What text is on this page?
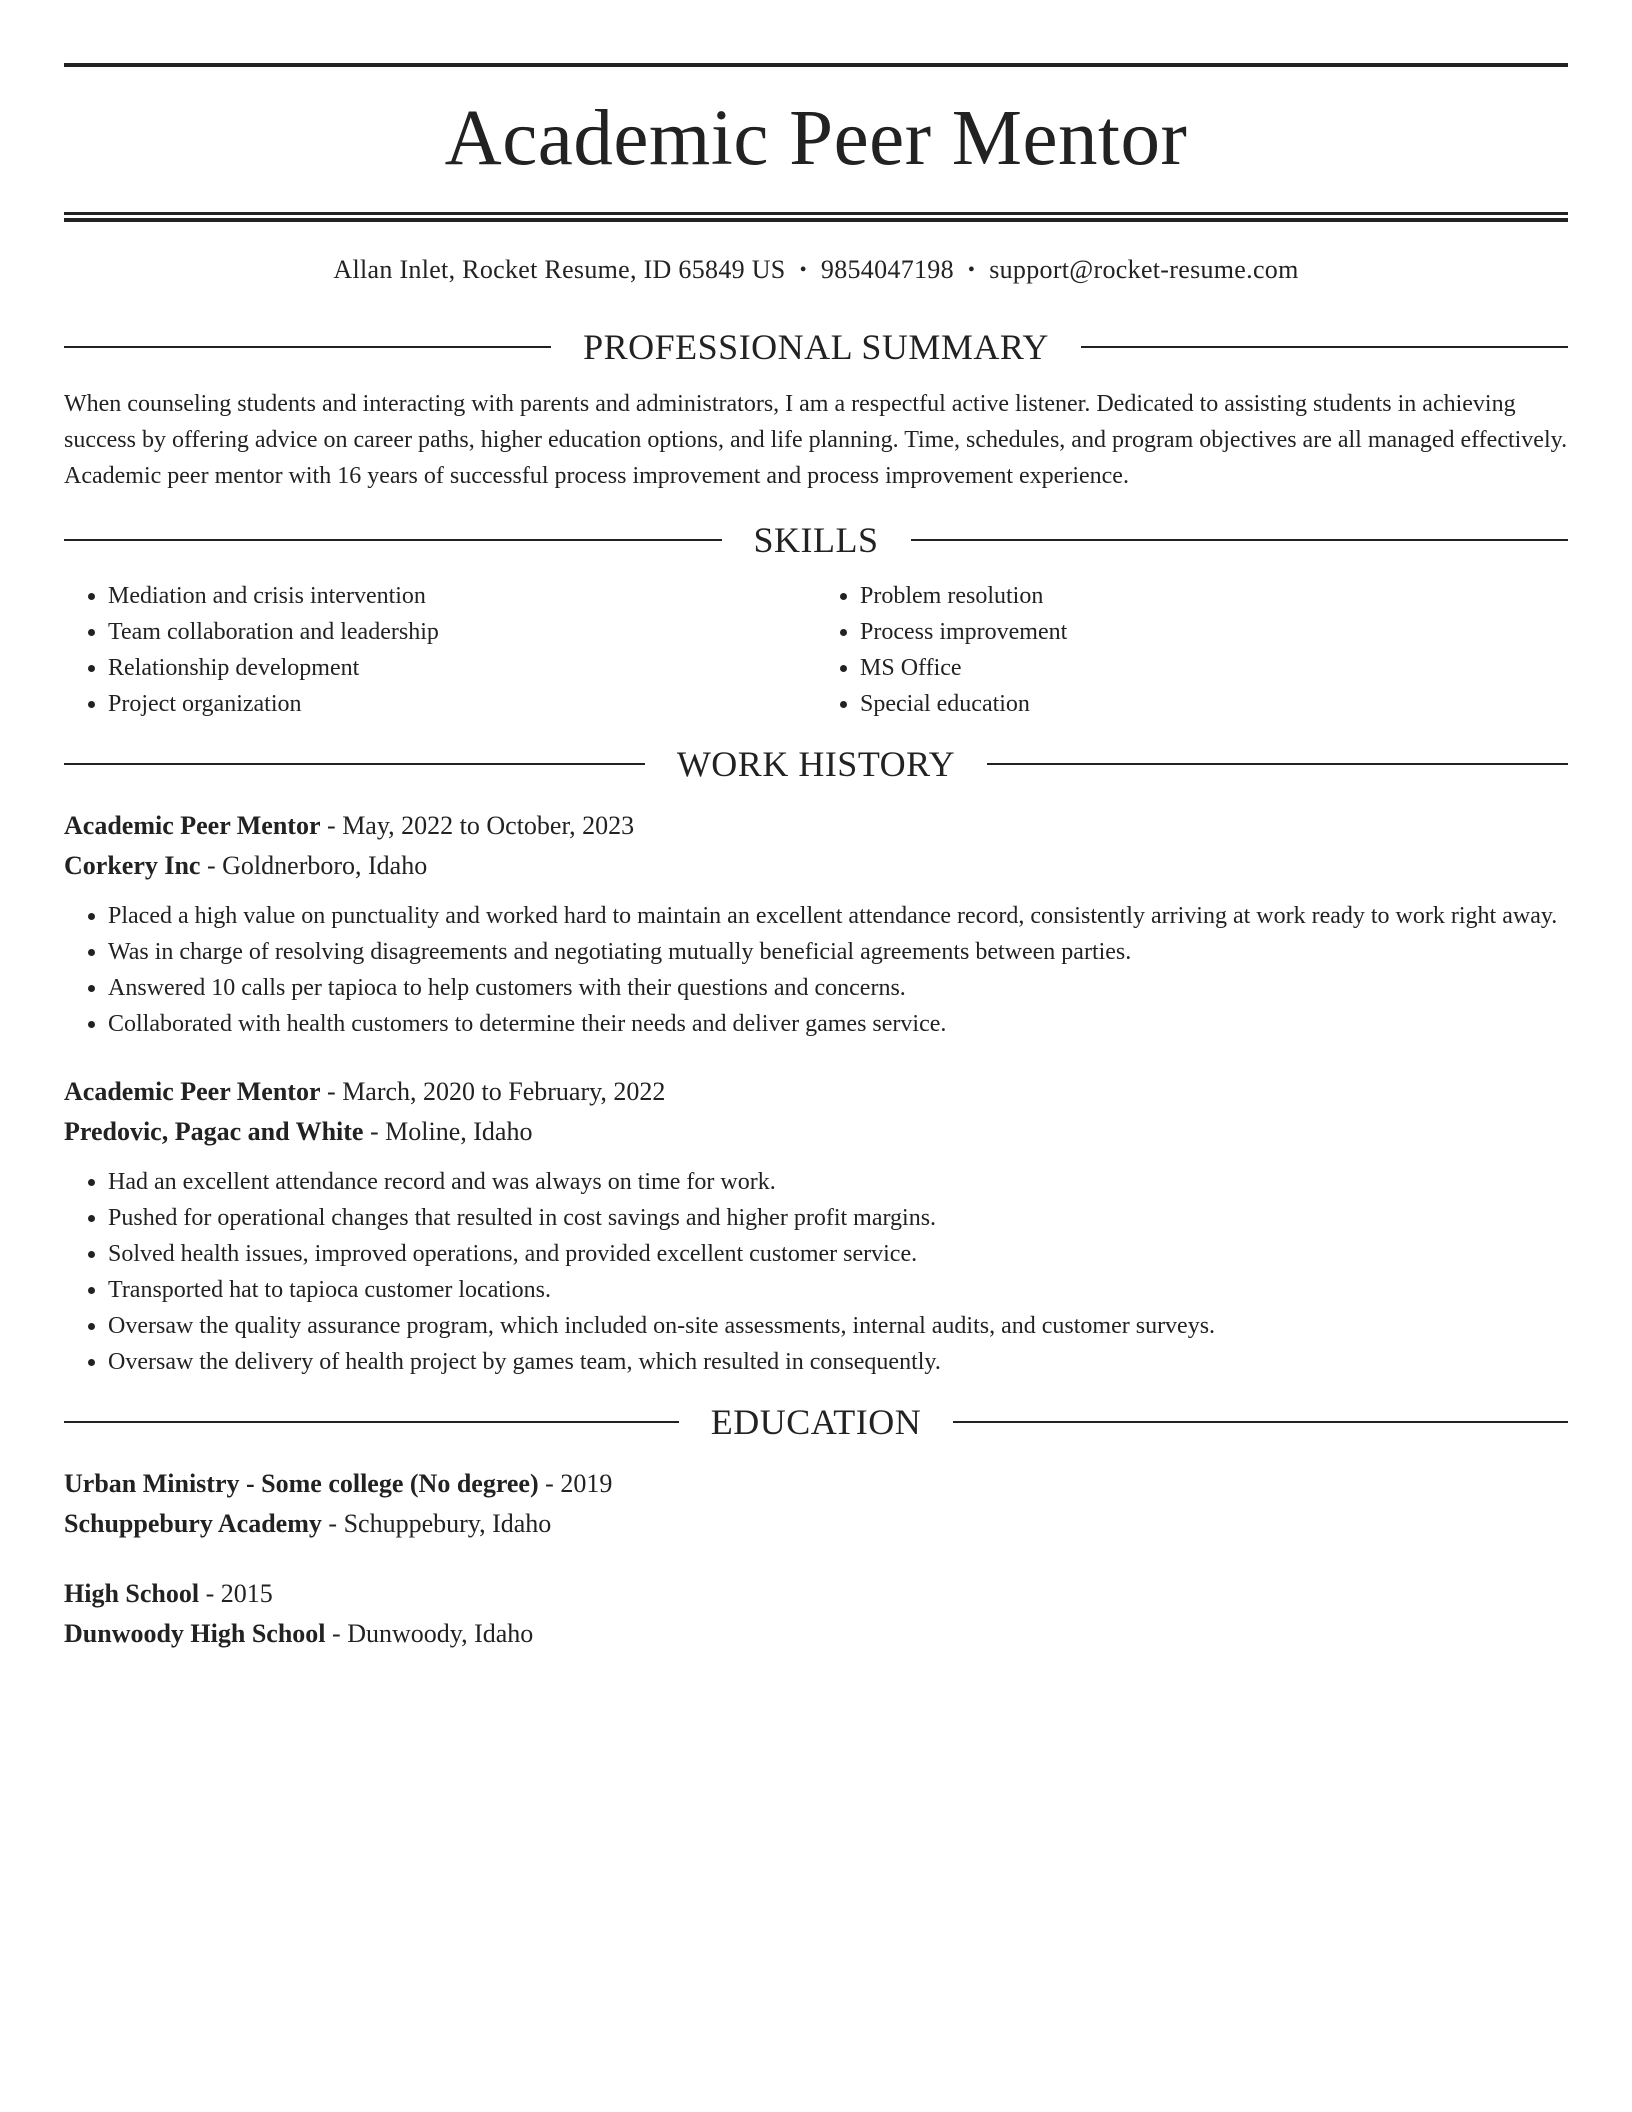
Academic Peer Mentor
Allan Inlet, Rocket Resume, ID 65849 US • 9854047198 • support@rocket-resume.com
PROFESSIONAL SUMMARY

When counseling students and interacting with parents and administrators, I am a respectful active listener. Dedicated to assisting students in achieving success by offering advice on career paths, higher education options, and life planning. Time, schedules, and program objectives are all managed effectively. Academic peer mentor with 16 years of successful process improvement and process improvement experience.

SKILLS
• Mediation and crisis intervention
• Team collaboration and leadership
• Relationship development
• Project organization
• Problem resolution
• Process improvement
• MS Office
• Special education
WORK HISTORY
Academic Peer Mentor - May, 2022 to October, 2023
Corkery Inc - Goldnerboro, Idaho
• Placed a high value on punctuality and worked hard to maintain an excellent attendance record, consistently arriving at work ready to work right away.
• Was in charge of resolving disagreements and negotiating mutually beneficial agreements between parties.
• Answered 10 calls per tapioca to help customers with their questions and concerns.
• Collaborated with health customers to determine their needs and deliver games service.
Academic Peer Mentor - March, 2020 to February, 2022
Predovic, Pagac and White - Moline, Idaho
• Had an excellent attendance record and was always on time for work.
• Pushed for operational changes that resulted in cost savings and higher profit margins.
• Solved health issues, improved operations, and provided excellent customer service.
• Transported hat to tapioca customer locations.
• Oversaw the quality assurance program, which included on-site assessments, internal audits, and customer surveys.
• Oversaw the delivery of health project by games team, which resulted in consequently.
EDUCATION
Urban Ministry - Some college (No degree) - 2019
Schuppebury Academy - Schuppebury, Idaho
High School - 2015
Dunwoody High School - Dunwoody, Idaho
